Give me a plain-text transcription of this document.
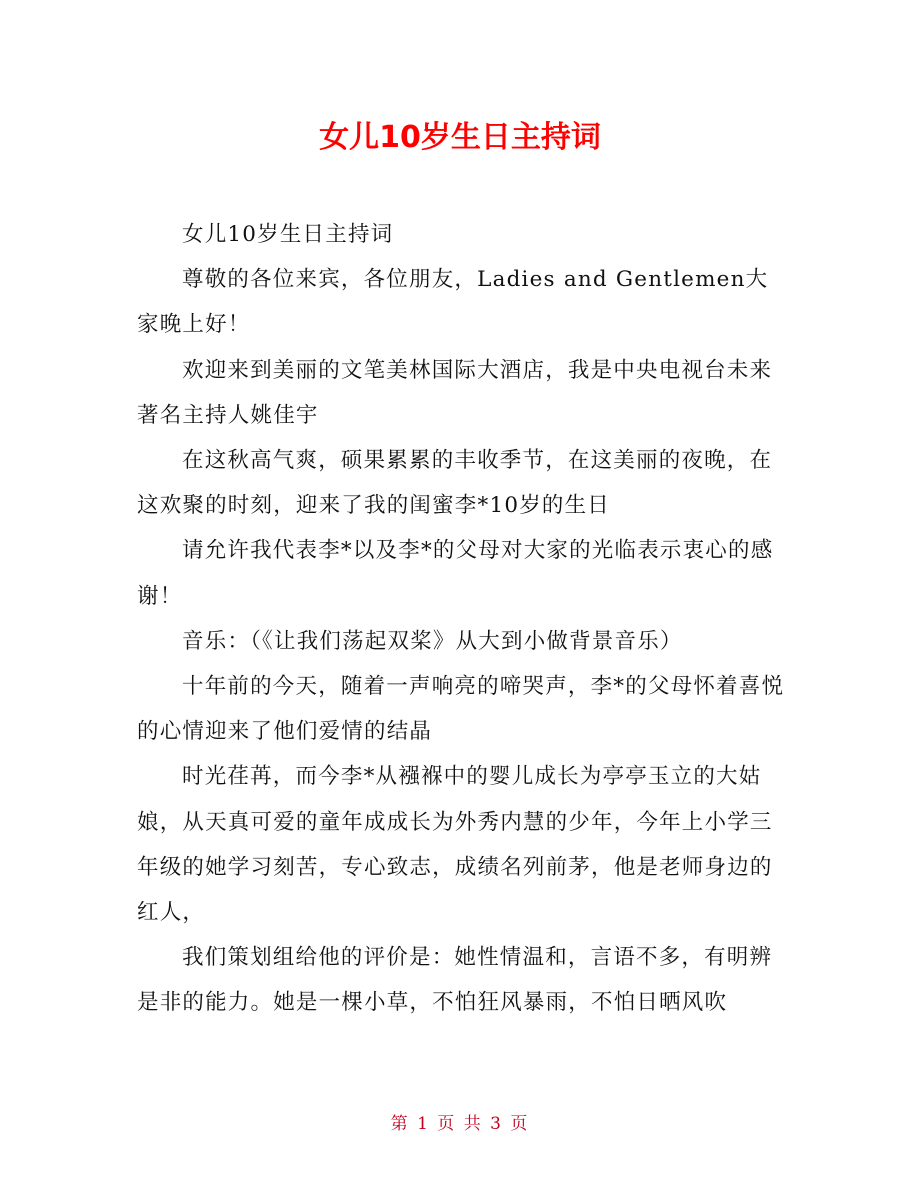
女儿10岁生日主持词

女儿10岁生日主持词

尊敬的各位来宾，各位朋友，Ladies and Gentlemen大家晚上好！

欢迎来到美丽的文笔美林国际大酒店，我是中央电视台未来著名主持人姚佳宇

在这秋高气爽，硕果累累的丰收季节，在这美丽的夜晚，在这欢聚的时刻，迎来了我的闺蜜李*10岁的生日

请允许我代表李*以及李*的父母对大家的光临表示衷心的感谢！

音乐：（《让我们荡起双桨》从大到小做背景音乐）

十年前的今天，随着一声响亮的啼哭声，李*的父母怀着喜悦的心情迎来了他们爱情的结晶

时光荏苒，而今李*从襁褓中的婴儿成长为亭亭玉立的大姑娘，从天真可爱的童年成成长为外秀内慧的少年，今年上小学三年级的她学习刻苦，专心致志，成绩名列前茅，他是老师身边的红人，

我们策划组给他的评价是：她性情温和，言语不多，有明辨是非的能力。她是一棵小草，不怕狂风暴雨，不怕日晒风吹

第 1 页 共 3 页
